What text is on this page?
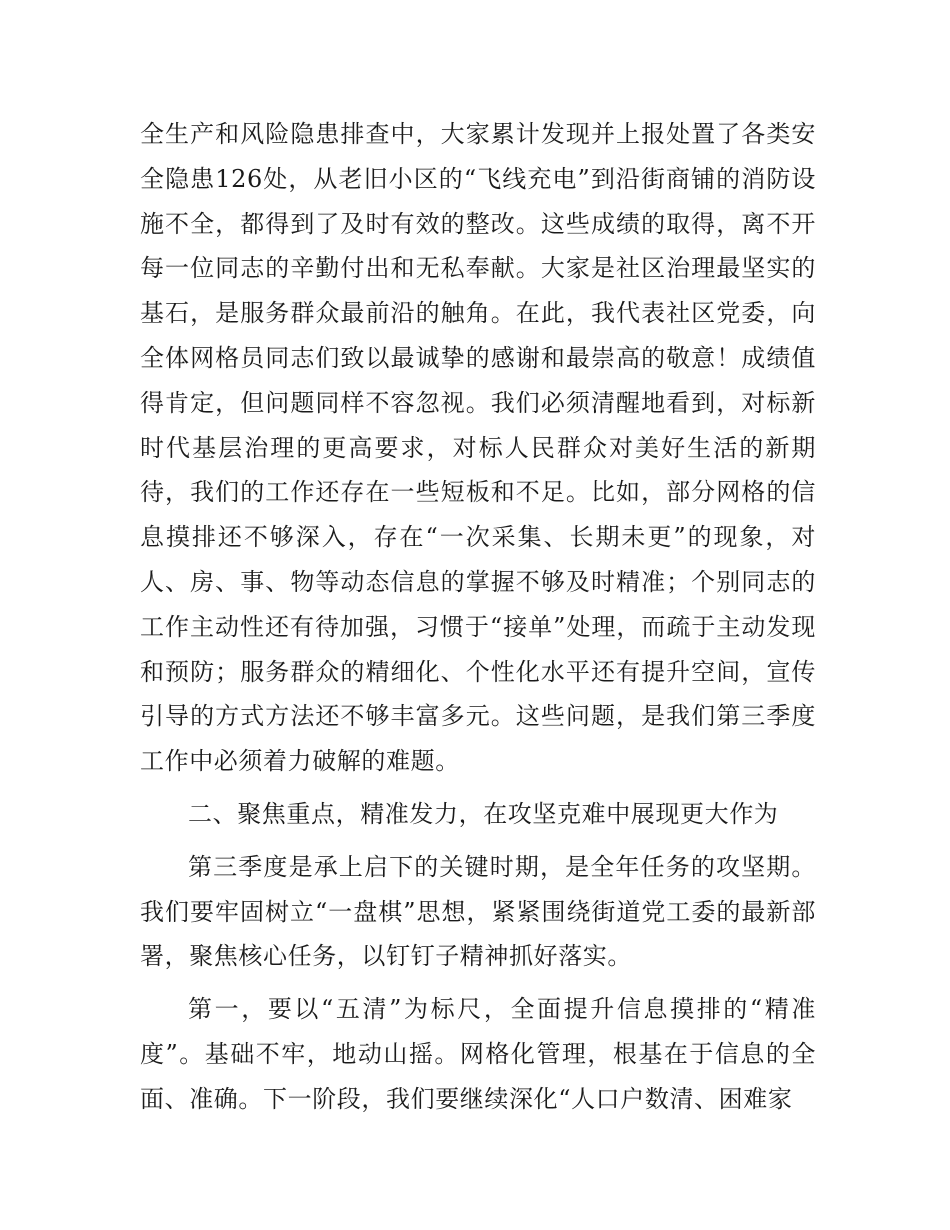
全生产和风险隐患排查中，大家累计发现并上报处置了各类安全隐患126处，从老旧小区的“飞线充电”到沿街商铺的消防设施不全，都得到了及时有效的整改。这些成绩的取得，离不开每一位同志的辛勤付出和无私奉献。大家是社区治理最坚实的基石，是服务群众最前沿的触角。在此，我代表社区党委，向全体网格员同志们致以最诚挚的感谢和最崇高的敬意！成绩值得肯定，但问题同样不容忽视。我们必须清醒地看到，对标新时代基层治理的更高要求，对标人民群众对美好生活的新期待，我们的工作还存在一些短板和不足。比如，部分网格的信息摸排还不够深入，存在“一次采集、长期未更”的现象，对人、房、事、物等动态信息的掌握不够及时精准；个别同志的工作主动性还有待加强，习惯于“接单”处理，而疏于主动发现和预防；服务群众的精细化、个性化水平还有提升空间，宣传引导的方式方法还不够丰富多元。这些问题，是我们第三季度工作中必须着力破解的难题。

二、聚焦重点，精准发力，在攻坚克难中展现更大作为

第三季度是承上启下的关键时期，是全年任务的攻坚期。我们要牢固树立“一盘棋”思想，紧紧围绕街道党工委的最新部署，聚焦核心任务，以钉钉子精神抓好落实。

第一，要以“五清”为标尺，全面提升信息摸排的“精准度”。基础不牢，地动山摇。网格化管理，根基在于信息的全面、准确。下一阶段，我们要继续深化“人口户数清、困难家
